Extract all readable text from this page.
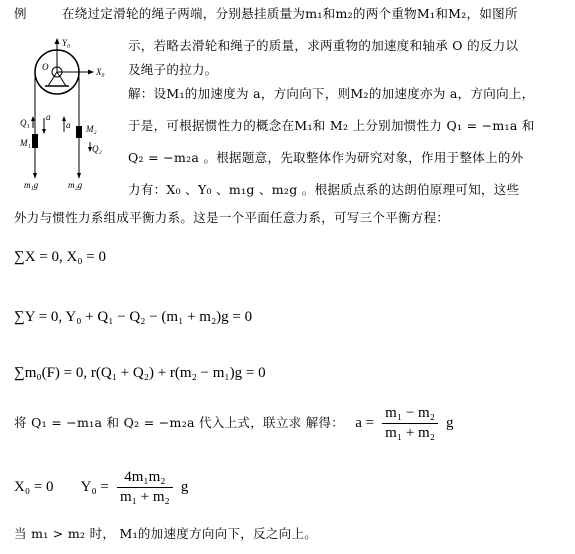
例	在绕过定滑轮的绳子两端，分别悬挂质量为m₁和m₂的两个重物M₁和M₂，如图所
示，若略去滑轮和绳子的质量，求两重物的加速度和轴承 O 的反力以
及绳子的拉力。
Y₀
O	X₀
Q₁
a
a
M₁
M₂
Q₂
m₁g	m₂g
解：设M₁的加速度为 a，方向向下，则M₂的加速度亦为 a，方向向上，
于是，可根据惯性力的概念在M₁和 M₂ 上分别加惯性力 Q₁ = −m₁a 和
Q₂ = −m₂a 。根据题意，先取整体作为研究对象，作用于整体上的外
力有：X₀ 、Y₀ 、m₁g 、m₂g 。根据质点系的达朗伯原理可知，这些
外力与惯性力系组成平衡力系。这是一个平面任意力系，可写三个平衡方程：
∑X = 0, X₀ = 0
∑Y = 0, Y₀ + Q₁ − Q₂ − (m₁ + m₂)g = 0
∑m₀(F) = 0, r(Q₁ + Q₂) + r(m₂ − m₁)g = 0
将 Q₁ = −m₁a 和 Q₂ = −m₂a 代入上式，联立求 解得： $a = \frac{\text{m₁ − m₂}}{\text{m₁ + m₂}}$ g
X₀ = 0 $Y_0 = \frac{\text{4m₁m₂}}{\text{m₁ + m₂}}$ g
当 m₁ > m₂ 时， M₁的加速度方向向下，反之向上。
